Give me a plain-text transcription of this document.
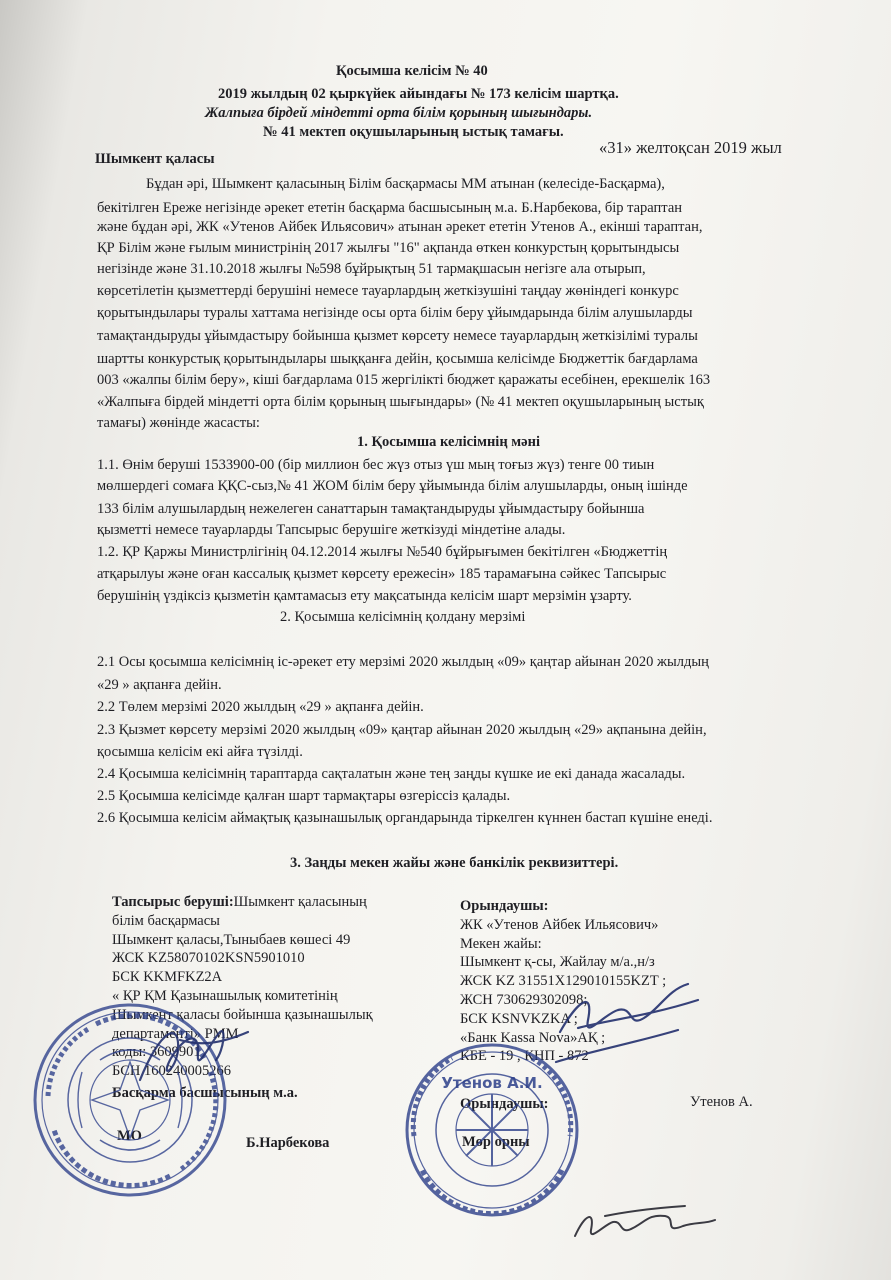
Қосымша келісім № 40
2019 жылдың 02 қыркүйек айындағы № 173 келісім шартқа.
Жалпыға бірдей міндетті орта білім қорының шығындары.
№ 41 мектеп оқушыларының ыстық тамағы.
Шымкент қаласы
«31» желтоқсан 2019 жыл
Бұдан әрі, Шымкент қаласының Білім басқармасы ММ атынан (келесіде-Басқарма),
бекітілген Ереже негізінде әрекет ететін басқарма басшысының м.а. Б.Нарбекова, бір тараптан
және бұдан әрі, ЖК «Утенов Айбек Ильясович» атынан әрекет ететін Утенов А., екінші тараптан,
ҚР Білім және ғылым министрінің 2017 жылғы "16" ақпанда өткен конкурстың қорытындысы
негізінде және 31.10.2018 жылғы №598 бұйрықтың 51 тармақшасын негізге ала отырып,
көрсетілетін қызметтерді берушіні немесе тауарлардың жеткізушіні таңдау жөніндегі конкурс
қорытындылары туралы хаттама негізінде осы орта білім беру ұйымдарында білім алушыларды
тамақтандыруды ұйымдастыру бойынша қызмет көрсету немесе тауарлардың жеткізілімі туралы
шартты конкурстық қорытындылары шыққанға дейін, қосымша келісімде Бюджеттік бағдарлама
003 «жалпы білім беру», кіші бағдарлама 015 жергілікті бюджет қаражаты есебінен, ерекшелік 163
«Жалпыға бірдей міндетті орта білім қорының шығындары» (№ 41 мектеп оқушыларының ыстық
тамағы) жөнінде жасасты:
1. Қосымша келісімнің мәні
1.1. Өнім беруші 1533900-00 (бір миллион бес жүз отыз үш мың тоғыз жүз) тенге 00 тиын
мөлшердегі сомаға ҚҚС-сыз,№ 41 ЖОМ білім беру ұйымында білім алушыларды, оның ішінде
133 білім алушылардың нежелеген санаттарын тамақтандыруды ұйымдастыру бойынша
қызметті немесе тауарларды Тапсырыс берушіге жеткізуді міндетіне алады.
1.2. ҚР Қаржы Министрлігінің 04.12.2014 жылғы №540 бұйрығымен бекітілген «Бюджеттің
атқарылуы және оған кассалық қызмет көрсету ережесін» 185 тарамағына сәйкес Тапсырыс
берушінің үздіксіз қызметін қамтамасыз ету мақсатында келісім шарт мерзімін ұзарту.
2. Қосымша келісімнің қолдану мерзімі
2.1 Осы қосымша келісімнің іс-әрекет ету мерзімі 2020 жылдың «09» қаңтар айынан 2020 жылдың
«29 » ақпанға дейін.
2.2 Төлем мерзімі 2020 жылдың «29 » ақпанға дейін.
2.3 Қызмет көрсету мерзімі 2020 жылдың «09» қаңтар айынан 2020 жылдың «29» ақпанына дейін,
қосымша келісім екі айға түзілді.
2.4 Қосымша келісімнің тараптарда сақталатын және тең заңды күшке ие екі данада жасалады.
2.5 Қосымша келісімде қалған шарт тармақтары өзгеріссіз қалады.
2.6 Қосымша келісім аймақтық қазынашылық органдарында тіркелген күннен бастап күшіне енеді.
3. Заңды мекен жайы және банкілік реквизиттері.
Тапсырыс беруші:Шымкент қаласының
білім басқармасы
Шымкент қаласы,Тыныбаев көшесі 49
ЖСК KZ58070102KSN5901010
БСК KKMFKZ2A
« ҚР ҚМ Қазынашылық комитетінің
Шымкент қаласы бойынша қазынашылық
департаменті» РММ
коды: 3609901
БСН 160240005266
Басқарма басшысының м.а.
Б.Нарбекова
МО
Орындаушы:
ЖК «Утенов Айбек Ильясович»
Мекен жайы:
Шымкент қ-сы, Жайлау м/а.,н/з
ЖСК KZ 31551X129010155KZT ;
ЖСН 730629302098;
БСК KSNVKZKA ;
«Банк Kassa Nova»АҚ ;
КБЕ - 19 , КНП - 872
Орындаушы:	Утенов А.
Мөр орны
Утенов А.И.
